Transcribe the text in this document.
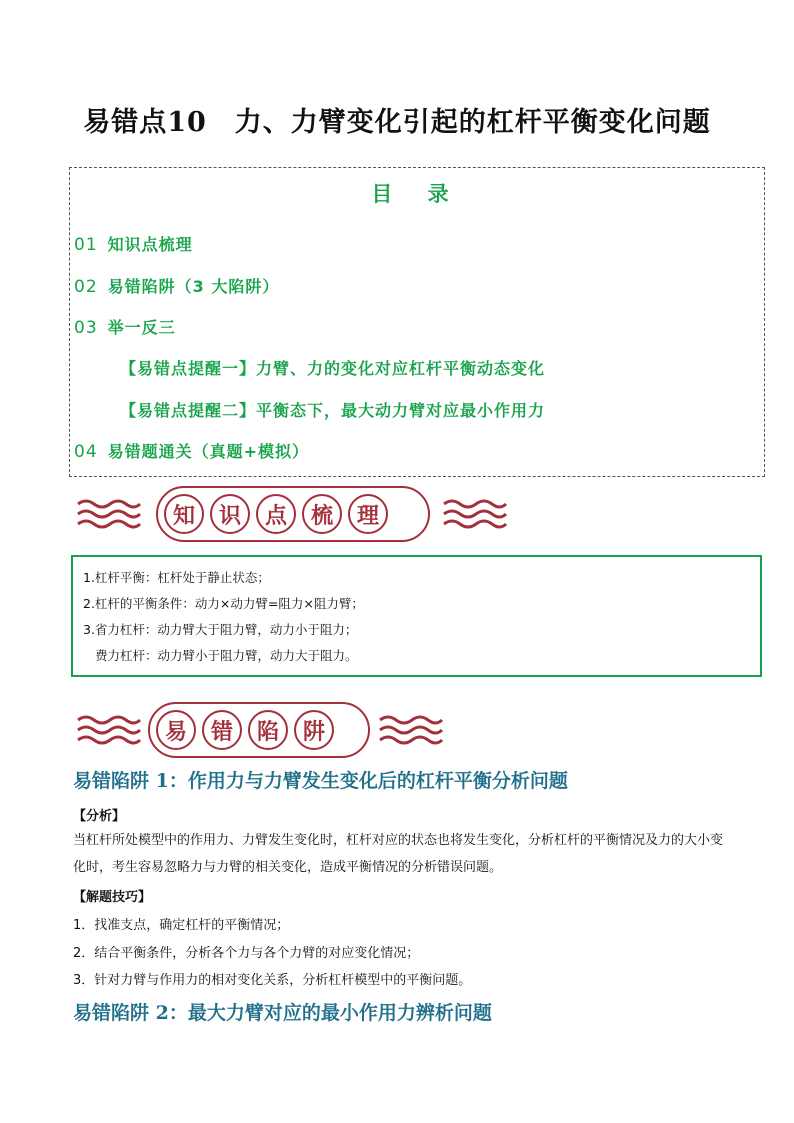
易错点10 力、力臂变化引起的杠杆平衡变化问题
目 录
01 知识点梳理
02 易错陷阱（3 大陷阱）
03 举一反三
【易错点提醒一】力臂、力的变化对应杠杆平衡动态变化
【易错点提醒二】平衡态下，最大动力臂对应最小作用力
04 易错题通关（真题+模拟）
知	识	点	梳	理
1.杠杆平衡：杠杆处于静止状态；
2.杠杆的平衡条件：动力×动力臂=阻力×阻力臂；
3.省力杠杆：动力臂大于阻力臂，动力小于阻力；
费力杠杆：动力臂小于阻力臂，动力大于阻力。
易	错	陷	阱
易错陷阱 1：作用力与力臂发生变化后的杠杆平衡分析问题
【分析】
当杠杆所处模型中的作用力、力臂发生变化时，杠杆对应的状态也将发生变化，分析杠杆的平衡情况及力的大小变化时，考生容易忽略力与力臂的相关变化，造成平衡情况的分析错误问题。
【解题技巧】
1．找准支点，确定杠杆的平衡情况；
2．结合平衡条件，分析各个力与各个力臂的对应变化情况；
3．针对力臂与作用力的相对变化关系，分析杠杆模型中的平衡问题。
易错陷阱 2：最大力臂对应的最小作用力辨析问题
